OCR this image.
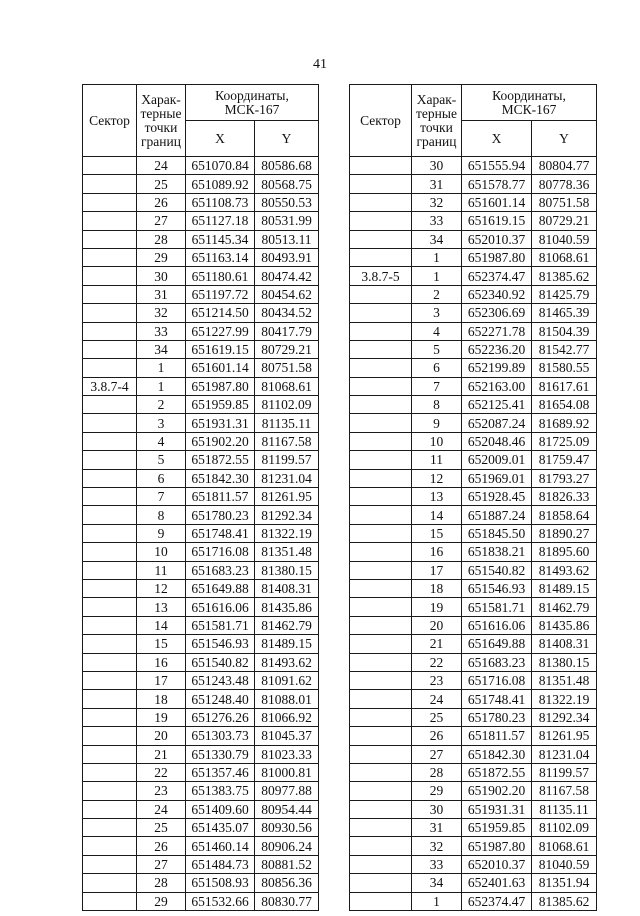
41
Сектор	Харак-
терные
точки
границ	Координаты,
МСК-167	
		X	Y
	24	651070.84	80586.68
	25	651089.92	80568.75
	26	651108.73	80550.53
	27	651127.18	80531.99
	28	651145.34	80513.11
	29	651163.14	80493.91
	30	651180.61	80474.42
	31	651197.72	80454.62
	32	651214.50	80434.52
	33	651227.99	80417.79
	34	651619.15	80729.21
	1	651601.14	80751.58
3.8.7-4	1	651987.80	81068.61
	2	651959.85	81102.09
	3	651931.31	81135.11
	4	651902.20	81167.58
	5	651872.55	81199.57
	6	651842.30	81231.04
	7	651811.57	81261.95
	8	651780.23	81292.34
	9	651748.41	81322.19
	10	651716.08	81351.48
	11	651683.23	81380.15
	12	651649.88	81408.31
	13	651616.06	81435.86
	14	651581.71	81462.79
	15	651546.93	81489.15
	16	651540.82	81493.62
	17	651243.48	81091.62
	18	651248.40	81088.01
	19	651276.26	81066.92
	20	651303.73	81045.37
	21	651330.79	81023.33
	22	651357.46	81000.81
	23	651383.75	80977.88
	24	651409.60	80954.44
	25	651435.07	80930.56
	26	651460.14	80906.24
	27	651484.73	80881.52
	28	651508.93	80856.36
	29	651532.66	80830.77
Сектор	Харак-
терные
точки
границ	Координаты,
МСК-167	
		X	Y
	30	651555.94	80804.77
	31	651578.77	80778.36
	32	651601.14	80751.58
	33	651619.15	80729.21
	34	652010.37	81040.59
	1	651987.80	81068.61
3.8.7-5	1	652374.47	81385.62
	2	652340.92	81425.79
	3	652306.69	81465.39
	4	652271.78	81504.39
	5	652236.20	81542.77
	6	652199.89	81580.55
	7	652163.00	81617.61
	8	652125.41	81654.08
	9	652087.24	81689.92
	10	652048.46	81725.09
	11	652009.01	81759.47
	12	651969.01	81793.27
	13	651928.45	81826.33
	14	651887.24	81858.64
	15	651845.50	81890.27
	16	651838.21	81895.60
	17	651540.82	81493.62
	18	651546.93	81489.15
	19	651581.71	81462.79
	20	651616.06	81435.86
	21	651649.88	81408.31
	22	651683.23	81380.15
	23	651716.08	81351.48
	24	651748.41	81322.19
	25	651780.23	81292.34
	26	651811.57	81261.95
	27	651842.30	81231.04
	28	651872.55	81199.57
	29	651902.20	81167.58
	30	651931.31	81135.11
	31	651959.85	81102.09
	32	651987.80	81068.61
	33	652010.37	81040.59
	34	652401.63	81351.94
	1	652374.47	81385.62
